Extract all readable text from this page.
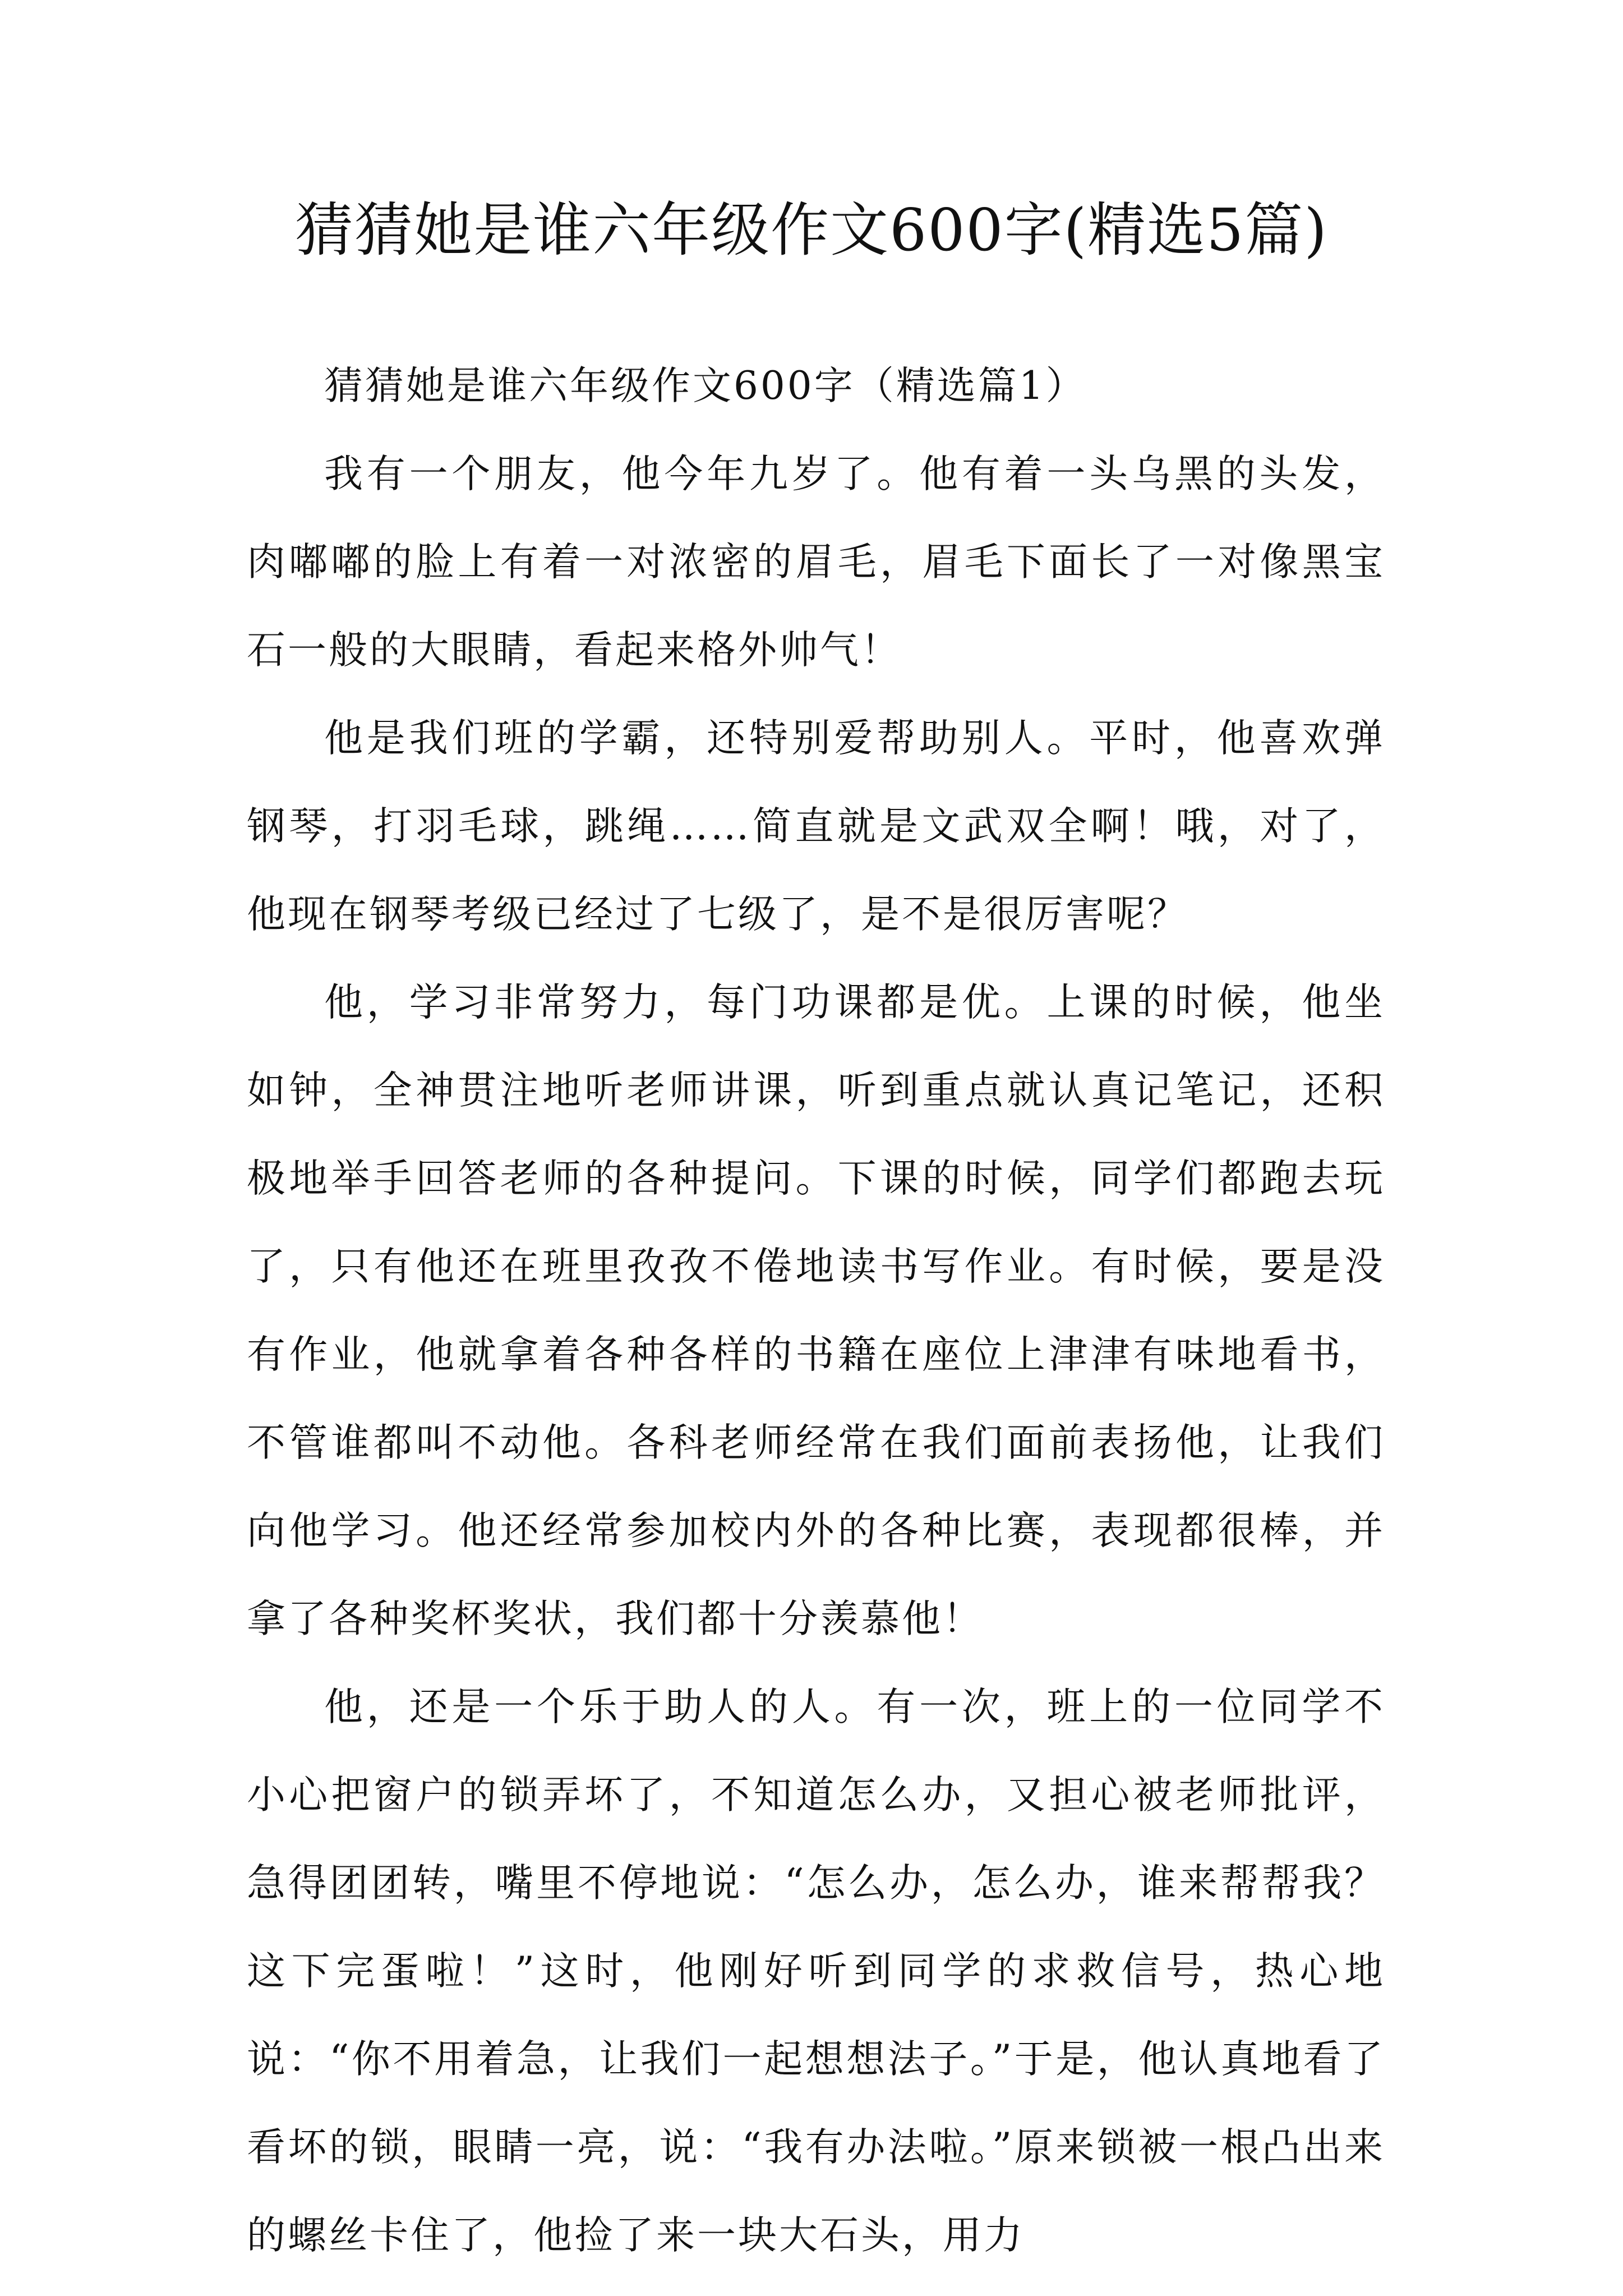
猜猜她是谁六年级作文600字(精选5篇)

猜猜她是谁六年级作文600字（精选篇1）

我有一个朋友，他今年九岁了。他有着一头乌黑的头发，肉嘟嘟的脸上有着一对浓密的眉毛，眉毛下面长了一对像黑宝石一般的大眼睛，看起来格外帅气！

他是我们班的学霸，还特别爱帮助别人。平时，他喜欢弹钢琴，打羽毛球，跳绳……简直就是文武双全啊！哦，对了，他现在钢琴考级已经过了七级了，是不是很厉害呢？

他，学习非常努力，每门功课都是优。上课的时候，他坐如钟，全神贯注地听老师讲课，听到重点就认真记笔记，还积极地举手回答老师的各种提问。下课的时候，同学们都跑去玩了，只有他还在班里孜孜不倦地读书写作业。有时候，要是没有作业，他就拿着各种各样的书籍在座位上津津有味地看书，不管谁都叫不动他。各科老师经常在我们面前表扬他，让我们向他学习。他还经常参加校内外的各种比赛，表现都很棒，并拿了各种奖杯奖状，我们都十分羡慕他！

他，还是一个乐于助人的人。有一次，班上的一位同学不小心把窗户的锁弄坏了，不知道怎么办，又担心被老师批评，急得团团转，嘴里不停地说：“怎么办，怎么办，谁来帮帮我？这下完蛋啦！”这时，他刚好听到同学的求救信号，热心地说：“你不用着急，让我们一起想想法子。”于是，他认真地看了看坏的锁，眼睛一亮，说：“我有办法啦。”原来锁被一根凸出来的螺丝卡住了，他捡了来一块大石头，用力
